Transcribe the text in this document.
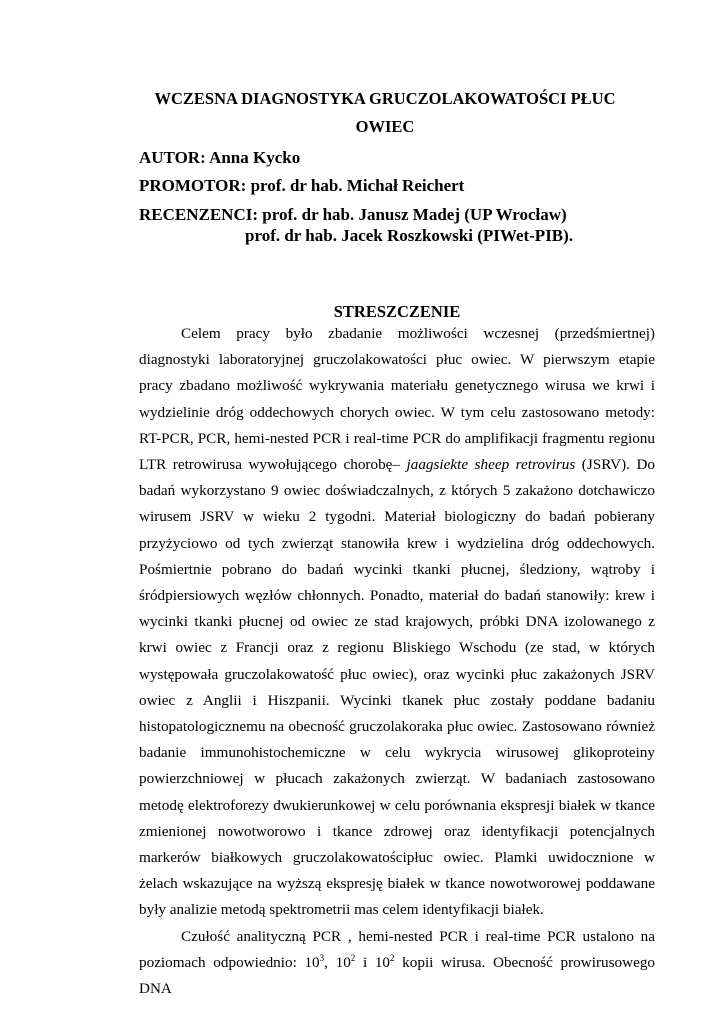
WCZESNA DIAGNOSTYKA GRUCZOLAKOWATOŚCI PŁUC
OWIEC
AUTOR: Anna Kycko
PROMOTOR: prof. dr hab. Michał Reichert
RECENZENCI: prof. dr hab. Janusz Madej (UP Wrocław)
prof. dr hab. Jacek Roszkowski (PIWet-PIB).
STRESZCZENIE

Celem pracy było zbadanie możliwości wczesnej (przedśmiertnej) diagnostyki laboratoryjnej gruczolakowatości płuc owiec. W pierwszym etapie pracy zbadano możliwość wykrywania materiału genetycznego wirusa we krwi i wydzielinie dróg oddechowych chorych owiec. W tym celu zastosowano metody: RT-PCR, PCR, hemi-nested PCR i real-time PCR do amplifikacji fragmentu regionu LTR retrowirusa wywołującego chorobę– jaagsiekte sheep retrovirus (JSRV). Do badań wykorzystano 9 owiec doświadczalnych, z których 5 zakażono dotchawiczo wirusem JSRV w wieku 2 tygodni. Materiał biologiczny do badań pobierany przyżyciowo od tych zwierząt stanowiła krew i wydzielina dróg oddechowych. Pośmiertnie pobrano do badań wycinki tkanki płucnej, śledziony, wątroby i śródpiersiowych węzłów chłonnych. Ponadto, materiał do badań stanowiły: krew i wycinki tkanki płucnej od owiec ze stad krajowych, próbki DNA izolowanego z krwi owiec z Francji oraz z regionu Bliskiego Wschodu (ze stad, w których występowała gruczolakowatość płuc owiec), oraz wycinki płuc zakażonych JSRV owiec z Anglii i Hiszpanii. Wycinki tkanek płuc zostały poddane badaniu histopatologicznemu na obecność gruczolakoraka płuc owiec. Zastosowano również badanie immunohistochemiczne w celu wykrycia wirusowej glikoproteiny powierzchniowej w płucach zakażonych zwierząt. W badaniach zastosowano metodę elektroforezy dwukierunkowej w celu porównania ekspresji białek w tkance zmienionej nowotworowo i tkance zdrowej oraz identyfikacji potencjalnych markerów białkowych gruczolakowatościpłuc owiec. Plamki uwidocznione w żelach wskazujące na wyższą ekspresję białek w tkance nowotworowej poddawane były analizie metodą spektrometrii mas celem identyfikacji białek.

Czułość analityczną PCR , hemi-nested PCR i real-time PCR ustalono na poziomach odpowiednio: $10^3$, $10^2$ i $10^2$ kopii wirusa. Obecność prowirusowego DNA
